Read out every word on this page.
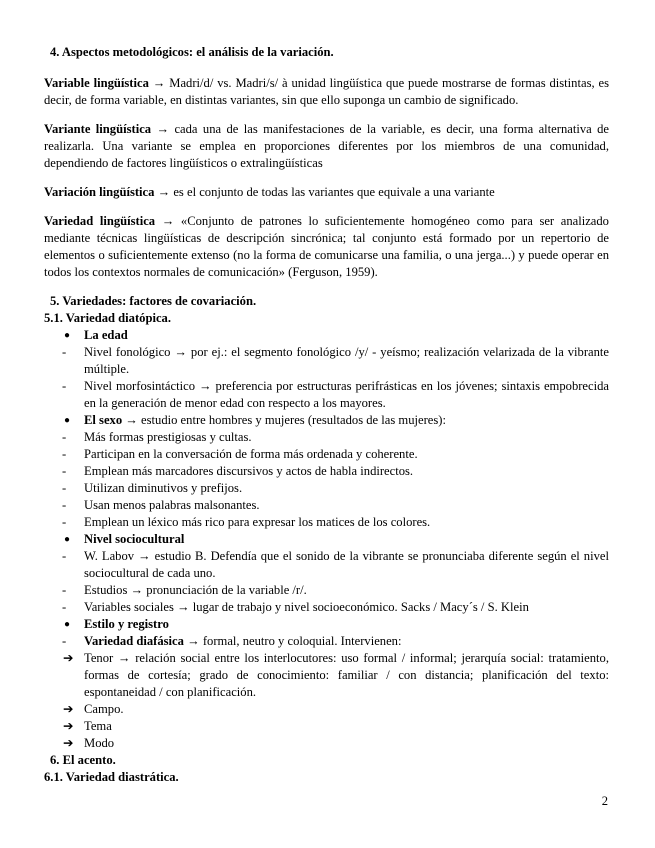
4. Aspectos metodológicos: el análisis de la variación.

Variable lingüística → Madri/d/ vs. Madri/s/ à unidad lingüística que puede mostrarse de formas distintas, es decir, de forma variable, en distintas variantes, sin que ello suponga un cambio de significado.

Variante lingüística → cada una de las manifestaciones de la variable, es decir, una forma alternativa de realizarla. Una variante se emplea en proporciones diferentes por los miembros de una comunidad, dependiendo de factores lingüísticos o extralingüísticas

Variación lingüística → es el conjunto de todas las variantes que equivale a una variante

Variedad lingüística → «Conjunto de patrones lo suficientemente homogéneo como para ser analizado mediante técnicas lingüísticas de descripción sincrónica; tal conjunto está formado por un repertorio de elementos o suficientemente extenso (no la forma de comunicarse una familia, o una jerga...) y puede operar en todos los contextos normales de comunicación» (Ferguson, 1959).

5. Variedades: factores de covariación.

5.1. Variedad diatópica.

●	La edad
-	Nivel fonológico → por ej.: el segmento fonológico /y/ - yeísmo; realización velarizada de la vibrante múltiple.
-	Nivel morfosintáctico → preferencia por estructuras perifrásticas en los jóvenes; sintaxis empobrecida en la generación de menor edad con respecto a los mayores.
●	El sexo → estudio entre hombres y mujeres (resultados de las mujeres):
-	Más formas prestigiosas y cultas.
-	Participan en la conversación de forma más ordenada y coherente.
-	Emplean más marcadores discursivos y actos de habla indirectos.
-	Utilizan diminutivos y prefijos.
-	Usan menos palabras malsonantes.
-	Emplean un léxico más rico para expresar los matices de los colores.
●	Nivel sociocultural
-	W. Labov → estudio B. Defendía que el sonido de la vibrante se pronunciaba diferente según el nivel sociocultural de cada uno.
-	Estudios → pronunciación de la variable /r/.
-	Variables sociales → lugar de trabajo y nivel socioeconómico. Sacks / Macy´s / S. Klein
●	Estilo y registro
-	Variedad diafásica → formal, neutro y coloquial. Intervienen:
➔ Tenor → relación social entre los interlocutores: uso formal / informal; jerarquía social: tratamiento, formas de cortesía; grado de conocimiento: familiar / con distancia; planificación del texto: espontaneidad / con planificación.
➔ Campo.
➔ Tema
➔ Modo

6. El acento.

6.1. Variedad diastrática.

2
